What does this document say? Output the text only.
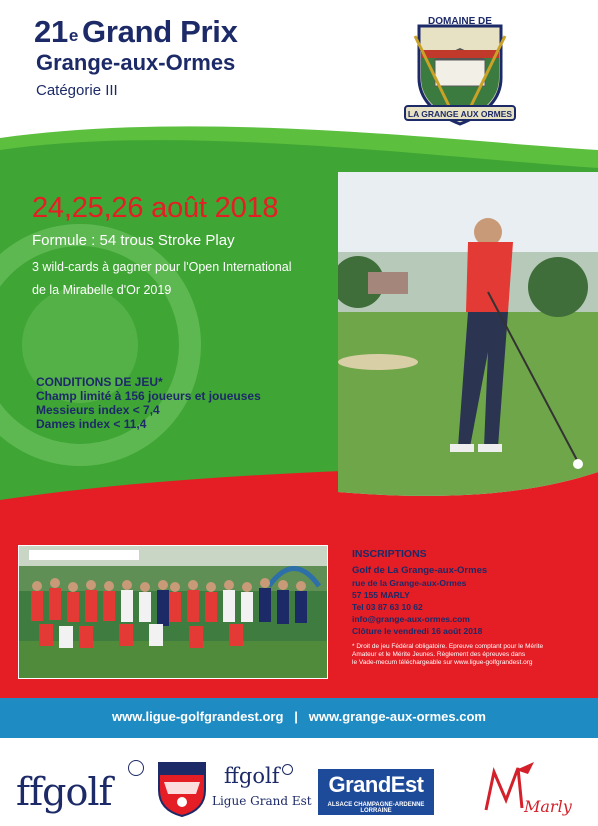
21e Grand Prix
Grange-aux-Ormes
Catégorie III
DOMAINE DE
LA GRANGE AUX ORMES
24,25,26 août 2018
Formule : 54 trous Stroke Play
3 wild-cards à gagner pour l'Open International
de la Mirabelle d'Or 2019
CONDITIONS DE JEU*
Champ limité à 156 joueurs et joueuses
Messieurs index < 7,4
Dames index < 11,4
INSCRIPTIONS
Golf de La Grange-aux-Ormes
rue de la Grange-aux-Ormes
57 155 MARLY
Tel 03 87 63 10 62
info@grange-aux-ormes.com
Clôture le vendredi 16 août 2018
* Droit de jeu Fédéral obligatoire. Epreuve comptant pour le Mérite
Amateur et le Mérite Jeunes. Règlement des épreuves dans
le Vade-mecum téléchargeable sur www.ligue-golfgrandest.org
www.ligue-golfgrandest.org | www.grange-aux-ormes.com
ffgolf	ffgolf
Ligue Grand Est
GrandEst
ALSACE CHAMPAGNE-ARDENNE LORRAINE	Marly
